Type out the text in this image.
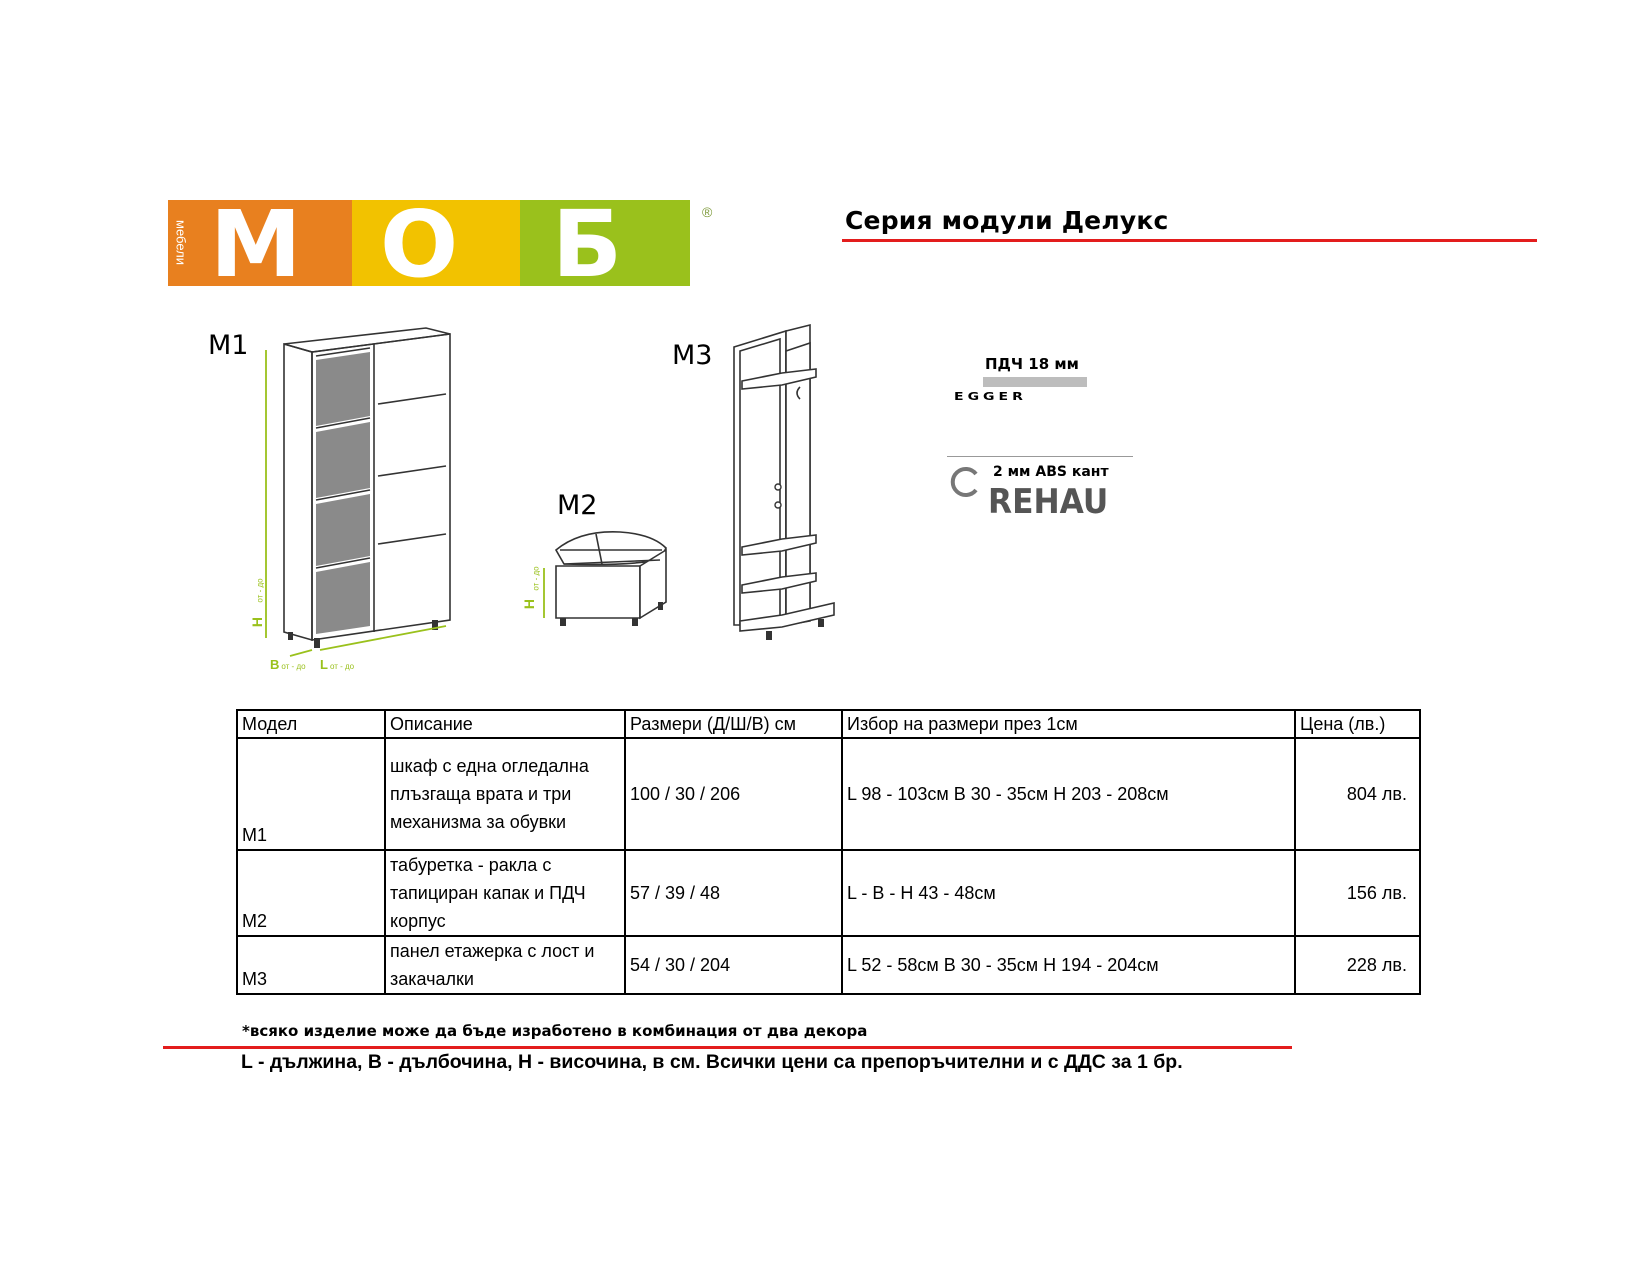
мебели М О Б	®	Серия модули Делукс
M1
H
от - до
Bот - до Lот - до
M2
H
от - до
M3	ПДЧ 18 мм
EGGER
2 мм ABS кант
REHAU
Модел	Описание	Размери (Д/Ш/В) см	Избор на размери през 1см	Цена (лв.)
M1	шкаф с една огледална
плъзгаща врата и три
механизма за обувки	100 / 30 / 206	L 98 - 103см B 30 - 35см H 203 - 208см	804 лв.
M2	табуретка - ракла с
тапициран капак и ПДЧ
корпус	57 / 39 / 48	L - B - H 43 - 48см	156 лв.
M3	панел етажерка с лост и
закачалки	54 / 30 / 204	L 52 - 58см B 30 - 35см H 194 - 204см	228 лв.
*всяко изделие може да бъде изработено в комбинация от два декора
L - дължина, B - дълбочина, H - височина, в см. Всички цени са препоръчителни и с ДДС за 1 бр.
